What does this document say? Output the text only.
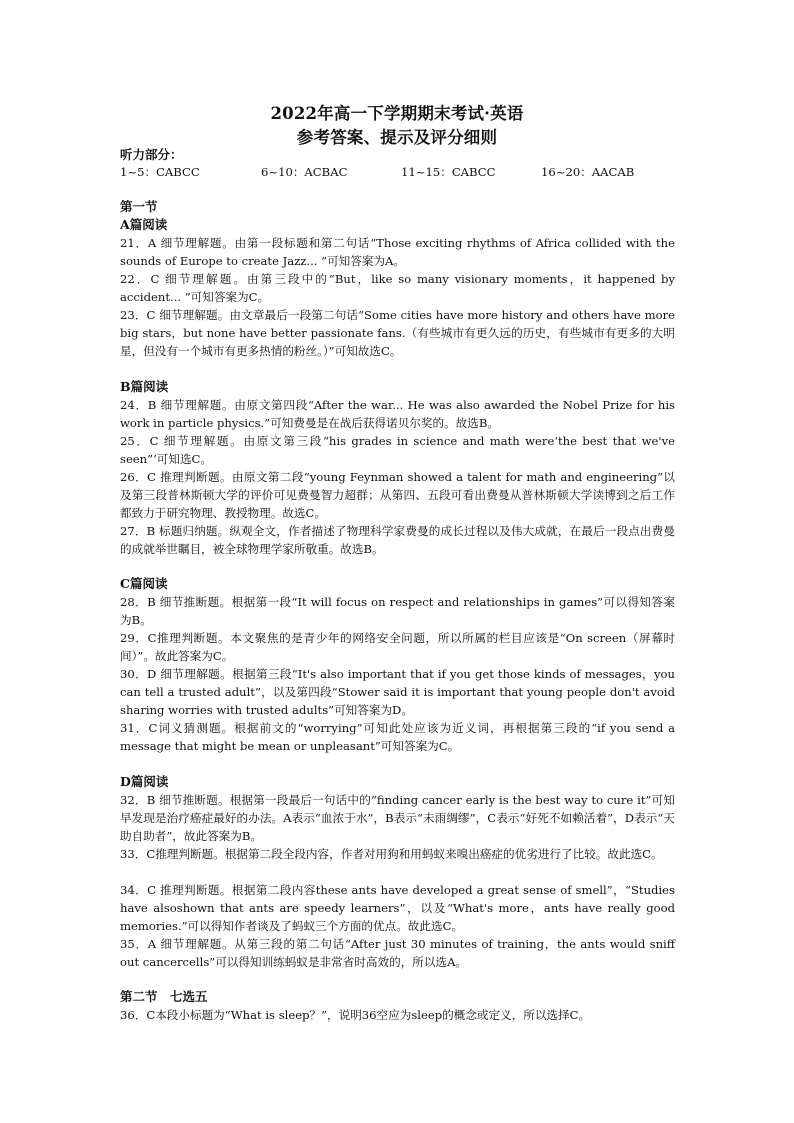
2022年高一下学期期末考试·英语
参考答案、提示及评分细则
听力部分：
1~5：CABCC	6~10：ACBAC	11~15：CABCC	16~20：AACAB
第一节
A篇阅读
21．A 细节理解题。由第一段标题和第二句话“Those exciting rhythms of Africa collided with the sounds of Europe to create Jazz... ”可知答案为A。
22．C 细节理解题。由第三段中的“But，like so many visionary moments，it happened by accident... ”可知答案为C。
23．C 细节理解题。由文章最后一段第二句话“Some cities have more history and others have more big stars，but none have better passionate fans.（有些城市有更久远的历史，有些城市有更多的大明星，但没有一个城市有更多热情的粉丝。）”可知故选C。
B篇阅读
24．B 细节理解题。由原文第四段“After the war... He was also awarded the Nobel Prize for his work in particle physics.”可知费曼是在战后获得诺贝尔奖的。故选B。
25．C 细节理解题。由原文第三段“his grades in science and math were‘the best that we've seen”’可知选C。
26．C 推理判断题。由原文第二段“young Feynman showed a talent for math and engineering”以及第三段普林斯顿大学的评价可见费曼智力超群；从第四、五段可看出费曼从普林斯顿大学读博到之后工作都致力于研究物理、教授物理。故选C。
27．B 标题归纳题。纵观全文，作者描述了物理科学家费曼的成长过程以及伟大成就，在最后一段点出费曼的成就举世瞩目，被全球物理学家所敬重。故选B。
C篇阅读
28．B 细节推断题。根据第一段“It will focus on respect and relationships in games”可以得知答案为B。
29．C推理判断题。本文聚焦的是青少年的网络安全问题，所以所属的栏目应该是“On screen（屏幕时间）”。故此答案为C。
30．D 细节理解题。根据第三段“It's also important that if you get those kinds of messages，you can tell a trusted adult”，以及第四段“Stower said it is important that young people don't avoid sharing worries with trusted adults”可知答案为D。
31．C词义猜测题。根据前文的“worrying”可知此处应该为近义词，再根据第三段的“if you send a message that might be mean or unpleasant”可知答案为C。
D篇阅读
32．B 细节推断题。根据第一段最后一句话中的“finding cancer early is the best way to cure it”可知早发现是治疗癌症最好的办法。A表示“血浓于水”，B表示“未雨绸缪”，C表示“好死不如赖活着”，D表示“天助自助者”，故此答案为B。
33．C推理判断题。根据第二段全段内容，作者对用狗和用蚂蚁来嗅出癌症的优劣进行了比较。故此选C。
34．C 推理判断题。根据第二段内容these ants have developed a great sense of smell”，“Studies have alsoshown that ants are speedy learners”，以及“What's more，ants have really good memories.”可以得知作者谈及了蚂蚁三个方面的优点。故此选C。
35．A 细节理解题。从第三段的第二句话“After just 30 minutes of training，the ants would sniff out cancercells”可以得知训练蚂蚁是非常省时高效的，所以选A。
第二节　七选五
36．C本段小标题为“What is sleep？”，说明36空应为sleep的概念或定义，所以选择C。
